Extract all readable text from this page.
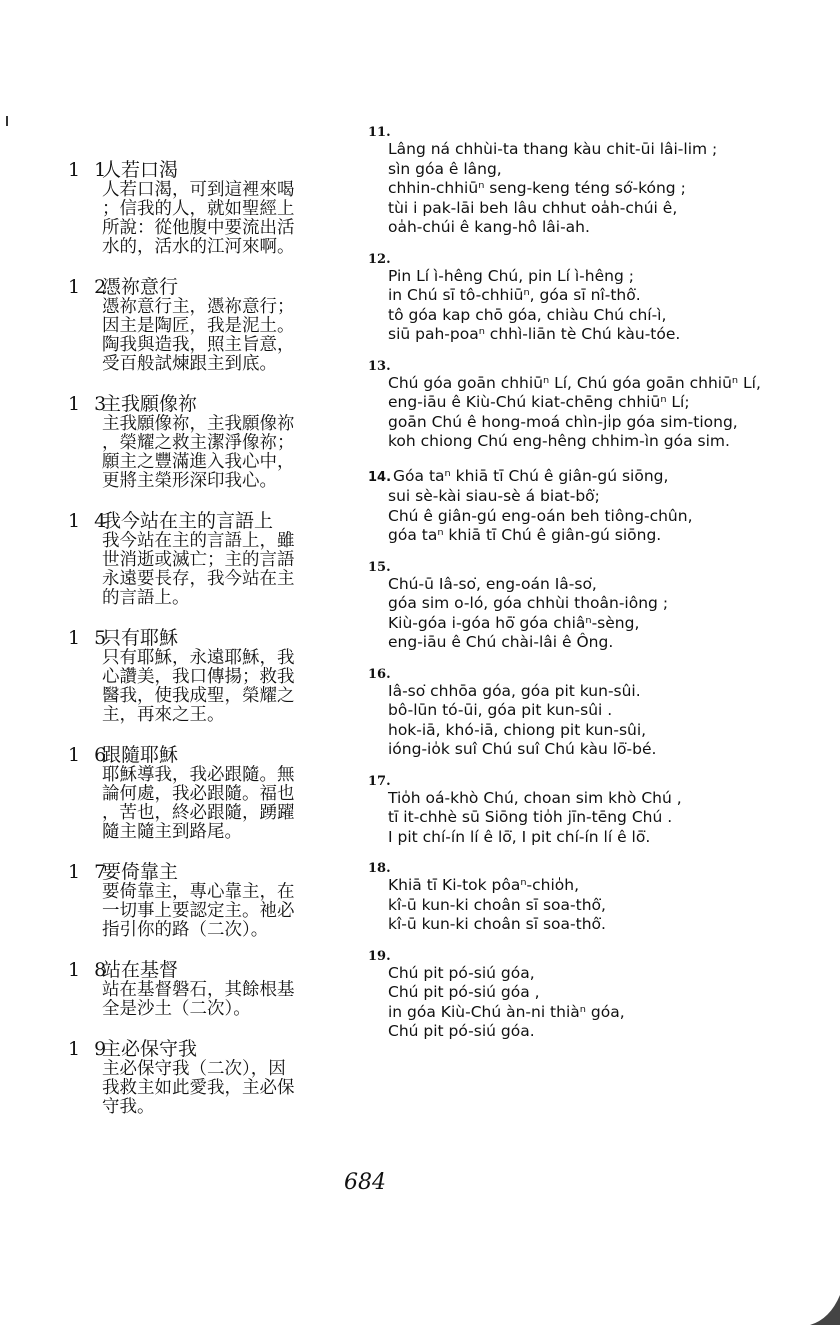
1 1人若口渴
人若口渴，可到這裡來喝
；信我的人，就如聖經上
所說：從他腹中要流出活
水的，活水的江河來啊。
1 2憑祢意行
憑祢意行主，憑祢意行；
因主是陶匠，我是泥土。
陶我與造我，照主旨意，
受百般試煉跟主到底。
1 3主我願像祢
主我願像祢，主我願像祢
，榮耀之救主潔淨像祢；
願主之豐滿進入我心中，
更將主榮形深印我心。
1 4我今站在主的言語上
我今站在主的言語上，雖
世消逝或滅亡；主的言語
永遠要長存，我今站在主
的言語上。
1 5只有耶穌
只有耶穌，永遠耶穌，我
心讚美，我口傳揚；救我
醫我，使我成聖，榮耀之
主，再來之王。
1 6跟隨耶穌
耶穌導我，我必跟隨。無
論何處，我必跟隨。福也
，苦也，終必跟隨，踴躍
隨主隨主到路尾。
1 7要倚靠主
要倚靠主，專心靠主，在
一切事上要認定主。祂必
指引你的路（二次）。
1 8站在基督
站在基督磐石，其餘根基
全是沙土（二次）。
1 9主必保守我
主必保守我（二次），因
我救主如此愛我，主必保
守我。
11.
Lâng ná chhùi-ta thang kàu chit-ūi lâi-lim ;
sìn góa ê lâng,
chhin-chhiūⁿ seng-keng téng só͘-kóng ;
tùi i pak-lāi beh lâu chhut oa̍h-chúi ê,
oa̍h-chúi ê kang-hô lâi-ah.
12.
Pin Lí ì-hêng Chú, pin Lí ì-hêng ;
in Chú sī tô-chhiūⁿ, góa sī nî-thô͘.
tô góa kap chō góa, chiàu Chú chí-ì,
siū pah-poaⁿ chhì-liān tè Chú kàu-tóe.
13.
Chú góa goān chhiūⁿ Lí, Chú góa goān chhiūⁿ Lí,
eng-iāu ê Kiù-Chú kiat-chēng chhiūⁿ Lí;
goān Chú ê hong-moá chìn-ji̍p góa sim-tiong,
koh chiong Chú eng-hêng chhim-ìn góa sim.
14. Góa taⁿ khiā tī Chú ê giân-gú siōng,
sui sè-kài siau-sè á biat-bô͘;
Chú ê giân-gú eng-oán beh tiông-chûn,
góa taⁿ khiā tī Chú ê giân-gú siōng.
15.
Chú-ū Iâ-so͘, eng-oán Iâ-so͘,
góa sim o-ló, góa chhùi thoân-iông ;
Kiù-góa i-góa hō͘ góa chiâⁿ-sèng,
eng-iāu ê Chú chài-lâi ê Ông.
16.
Iâ-so͘ chhōa góa, góa pit kun-sûi.
bô-lūn tó-ūi, góa pit kun-sûi .
hok-iā, khó-iā, chiong pit kun-sûi,
ióng-io̍k suî Chú suî Chú kàu lō͘-bé.
17.
Tio̍h oá-khò Chú, choan sim khò Chú ,
tī it-chhè sū Siōng tio̍h jīn-tēng Chú .
I pit chí-ín lí ê lō͘, I pit chí-ín lí ê lō͘.
18.
Khiā tī Ki-tok pôaⁿ-chio̍h,
kî-ū kun-ki choân sī soa-thô͘,
kî-ū kun-ki choân sī soa-thô͘.
19.
Chú pit pó-siú góa,
Chú pit pó-siú góa ,
in góa Kiù-Chú àn-ni thiàⁿ góa,
Chú pit pó-siú góa.
684
